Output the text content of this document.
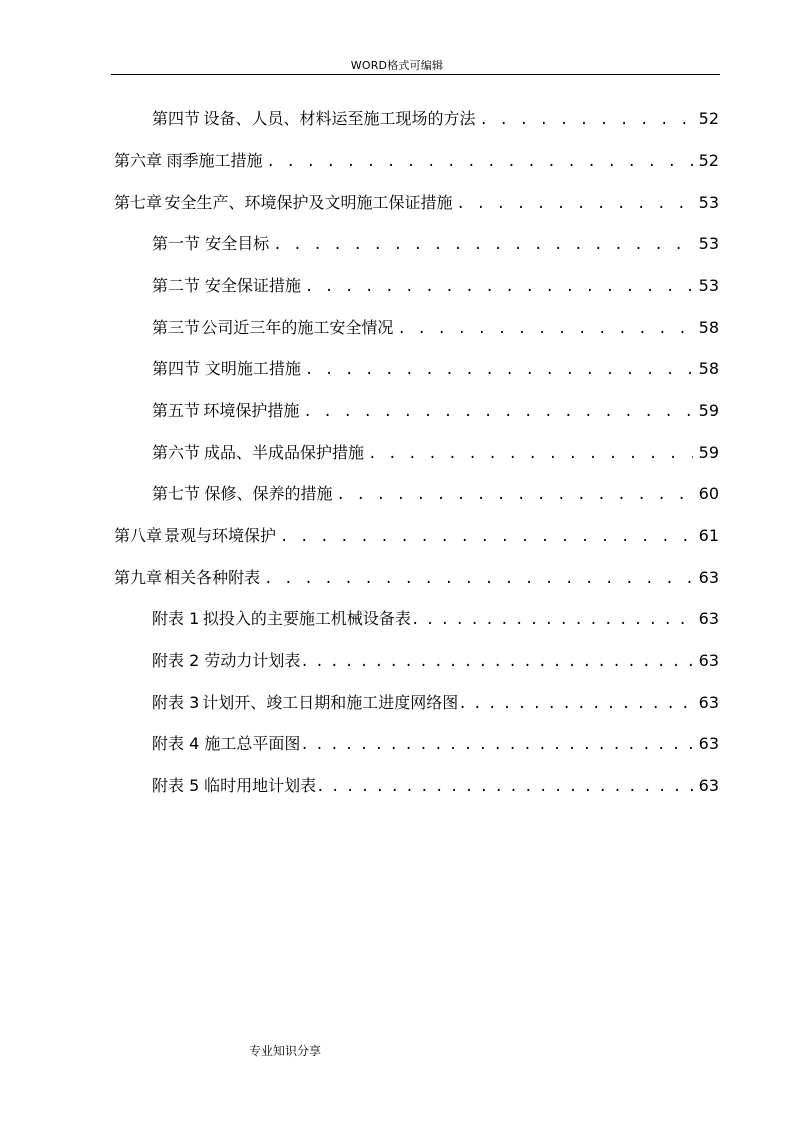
WORD格式可编辑
第四节 设备、人员、材料运至施工现场的方法 . . .	52
第六章 雨季施工措施 . . .	52
第七章 安全生产、环境保护及文明施工保证措施 . . .	53
第一节 安全目标 . . .	53
第二节 安全保证措施 . . .	53
第三节 公司近三年的施工安全情况 . . .	58
第四节 文明施工措施 . . .	58
第五节 环境保护措施 . . .	59
第六节 成品、半成品保护措施 . . .	59
第七节 保修、保养的措施 . . .	60
第八章 景观与环境保护 . . .	61
第九章 相关各种附表 . . .	63
附表 1 拟投入的主要施工机械设备表 . . .	63
附表 2 劳动力计划表 . . .	63
附表 3 计划开、竣工日期和施工进度网络图 . . .	63
附表 4 施工总平面图 . . .	63
附表 5 临时用地计划表 . . .	63
专业知识分享
